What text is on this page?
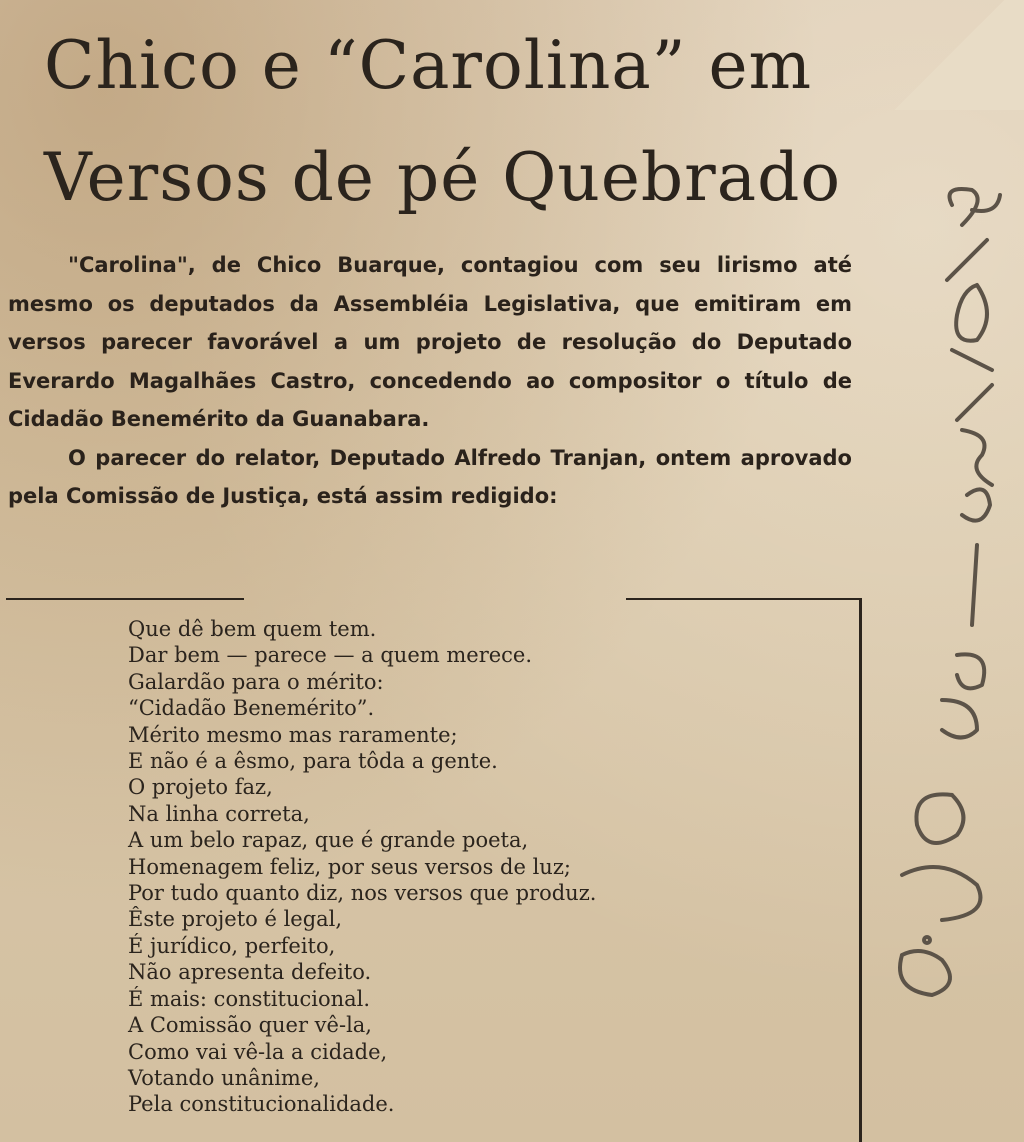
Chico e “Carolina” em
Versos de pé Quebrado

"Carolina", de Chico Buarque, contagiou com seu lirismo até mesmo os deputados da Assembléia Legislativa, que emitiram em versos parecer favorável a um projeto de resolução do Deputado Everardo Magalhães Castro, concedendo ao compositor o título de Cidadão Benemérito da Guanabara.

O parecer do relator, Deputado Alfredo Tranjan, ontem aprovado pela Comissão de Justiça, está assim redigido:

Que dê bem quem tem.
Dar bem — parece — a quem merece.
Galardão para o mérito:
“Cidadão Benemérito”.
Mérito mesmo mas raramente;
E não é a êsmo, para tôda a gente.
O projeto faz,
Na linha correta,
A um belo rapaz, que é grande poeta,
Homenagem feliz, por seus versos de luz;
Por tudo quanto diz, nos versos que produz.
Êste projeto é legal,
É jurídico, perfeito,
Não apresenta defeito.
É mais: constitucional.
A Comissão quer vê-la,
Como vai vê-la a cidade,
Votando unânime,
Pela constitucionalidade.
